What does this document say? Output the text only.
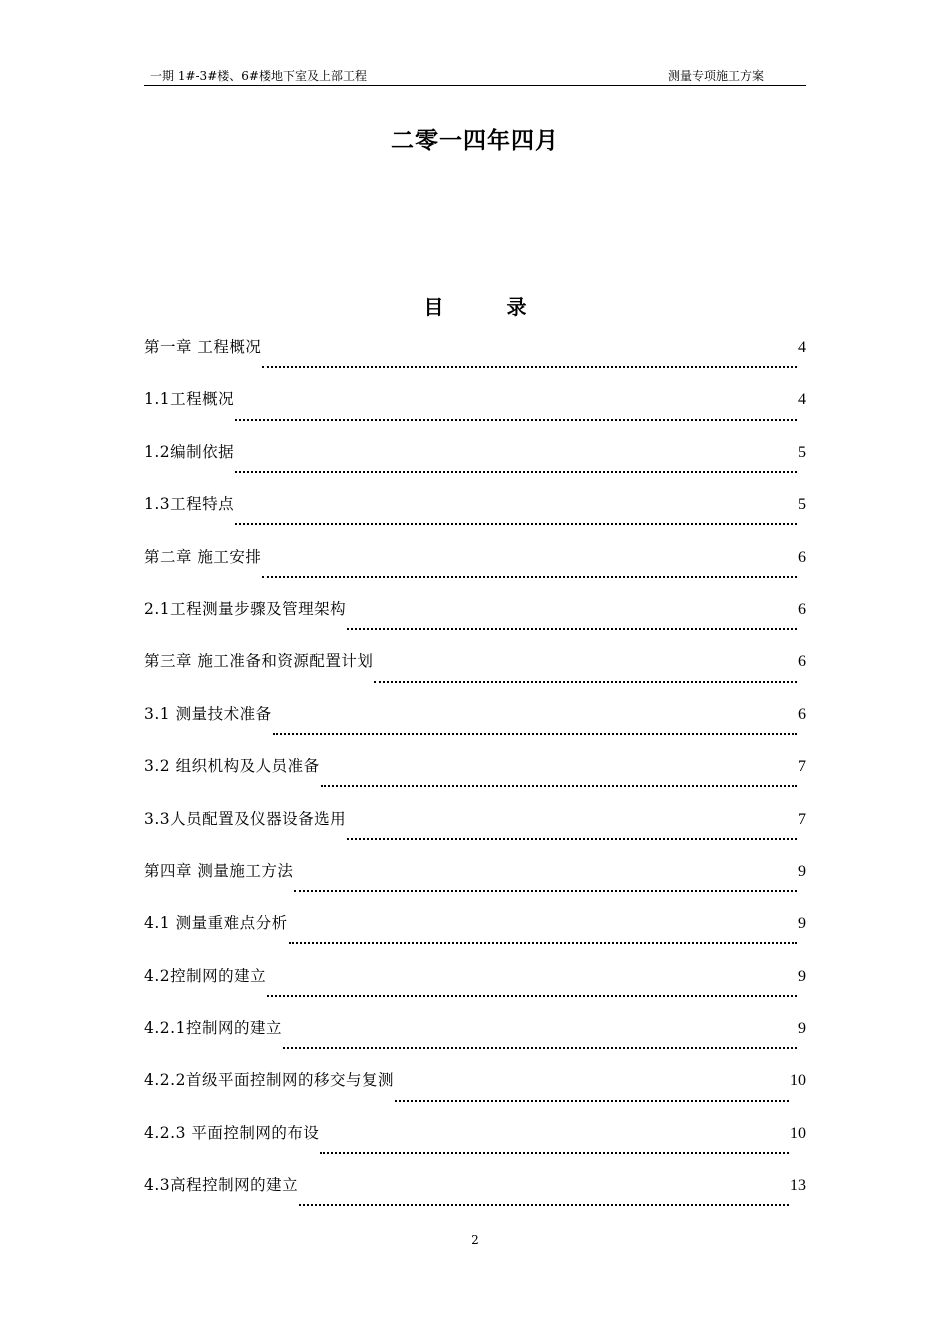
一期 1#-3#楼、6#楼地下室及上部工程	测量专项施工方案
二零一四年四月
目 录
第一章 工程概况	4
1.1工程概况	4
1.2编制依据	5
1.3工程特点	5
第二章 施工安排	6
2.1工程测量步骤及管理架构	6
第三章 施工准备和资源配置计划	6
3.1 测量技术准备	6
3.2 组织机构及人员准备	7
3.3人员配置及仪器设备选用	7
第四章 测量施工方法	9
4.1 测量重难点分析	9
4.2控制网的建立	9
4.2.1控制网的建立	9
4.2.2首级平面控制网的移交与复测	10
4.2.3 平面控制网的布设	10
4.3高程控制网的建立	13
2
